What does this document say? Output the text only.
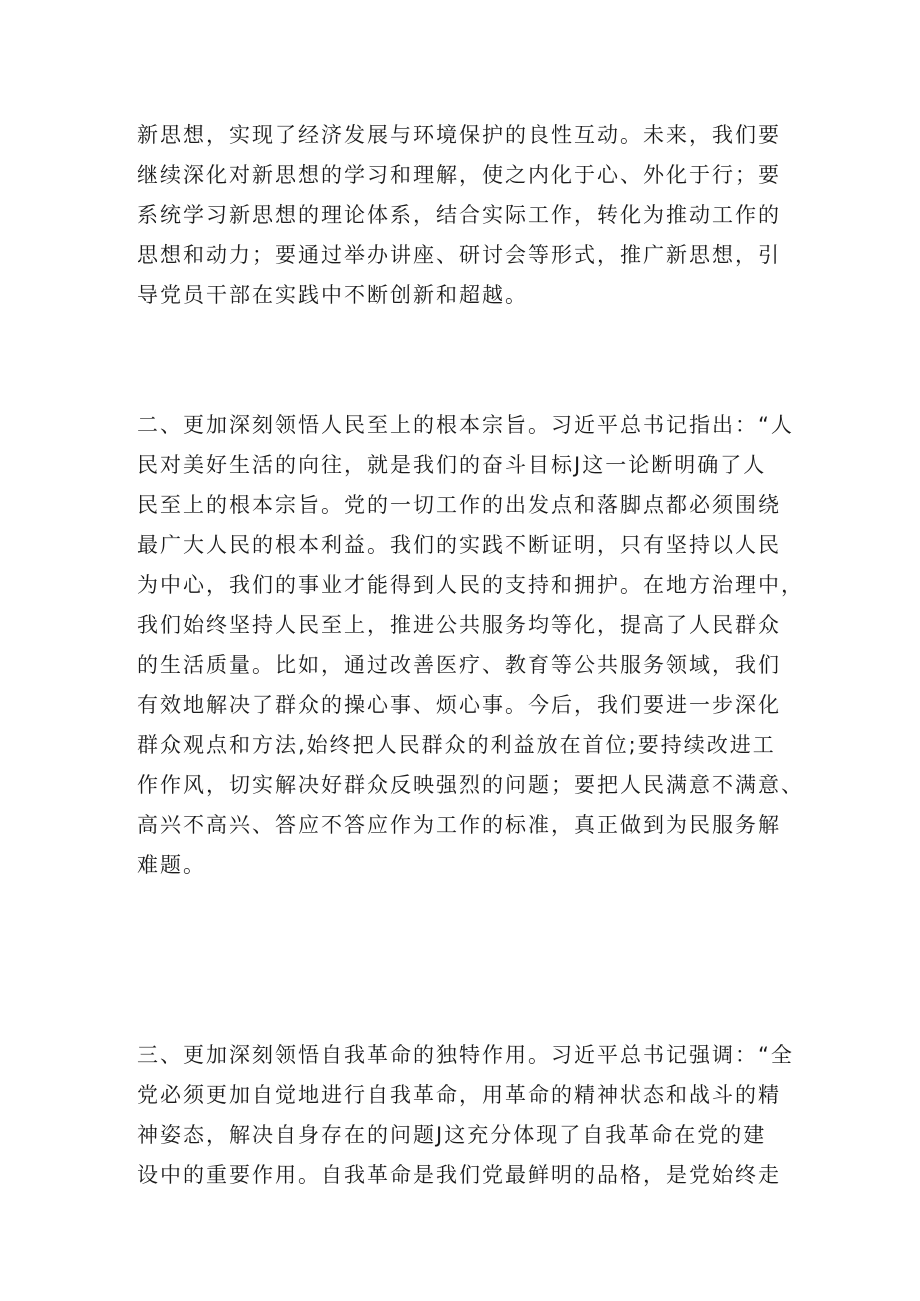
新思想，实现了经济发展与环境保护的良性互动。未来，我们要
继续深化对新思想的学习和理解，使之内化于心、外化于行；要
系统学习新思想的理论体系，结合实际工作，转化为推动工作的
思想和动力；要通过举办讲座、研讨会等形式，推广新思想，引
导党员干部在实践中不断创新和超越。

二、更加深刻领悟人民至上的根本宗旨。习近平总书记指出：“人
民对美好生活的向往，就是我们的奋斗目标J这一论断明确了人
民至上的根本宗旨。党的一切工作的出发点和落脚点都必须围绕
最广大人民的根本利益。我们的实践不断证明，只有坚持以人民
为中心，我们的事业才能得到人民的支持和拥护。在地方治理中，
我们始终坚持人民至上，推进公共服务均等化，提高了人民群众
的生活质量。比如，通过改善医疗、教育等公共服务领域，我们
有效地解决了群众的操心事、烦心事。今后，我们要进一步深化
群众观点和方法,始终把人民群众的利益放在首位;要持续改进工
作作风，切实解决好群众反映强烈的问题；要把人民满意不满意、
高兴不高兴、答应不答应作为工作的标准，真正做到为民服务解
难题。

三、更加深刻领悟自我革命的独特作用。习近平总书记强调：“全
党必须更加自觉地进行自我革命，用革命的精神状态和战斗的精
神姿态，解决自身存在的问题J这充分体现了自我革命在党的建
设中的重要作用。自我革命是我们党最鲜明的品格，是党始终走
